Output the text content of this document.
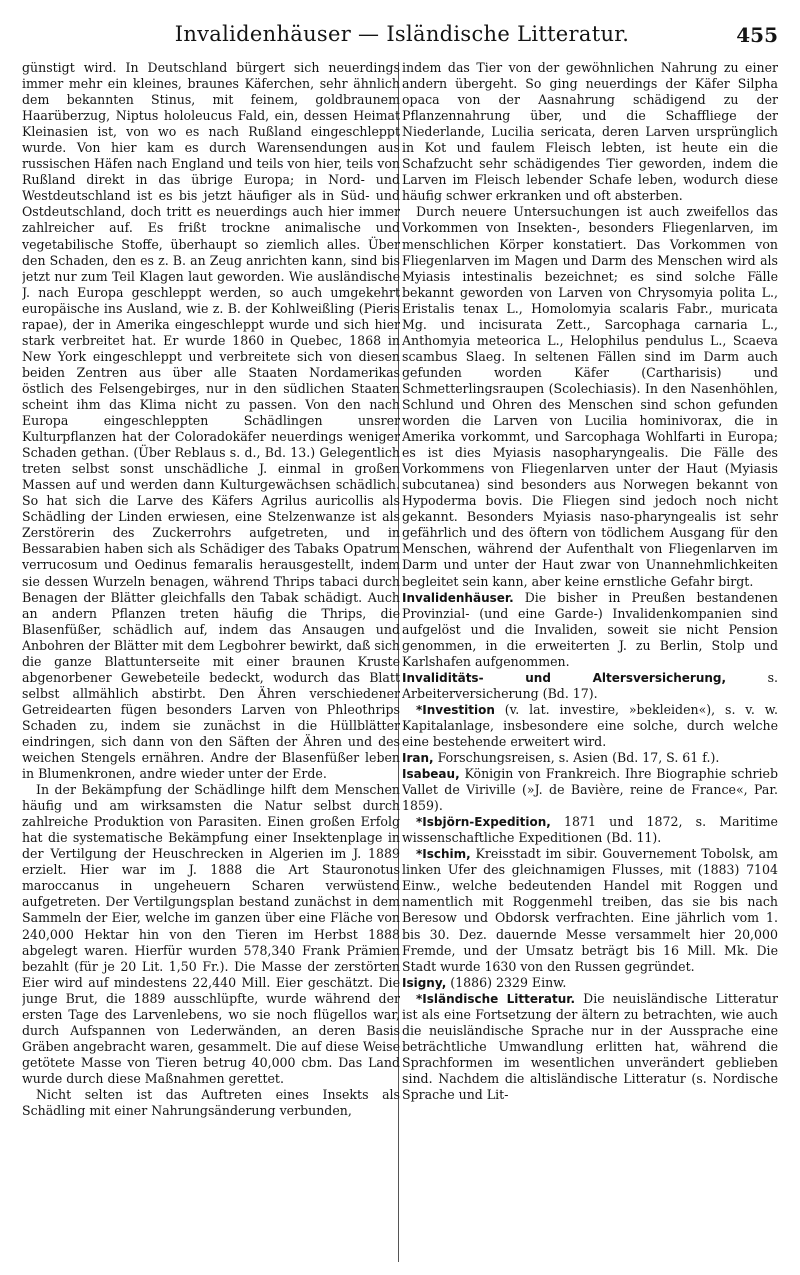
Invalidenhäuser — Isländische Litteratur.	455

günstigt wird. In Deutschland bürgert sich neuerdings immer mehr ein kleines, braunes Käferchen, sehr ähnlich dem bekannten Stinus, mit feinem, goldbraunem Haarüberzug, Niptus hololeucus Fald, ein, dessen Heimat Kleinasien ist, von wo es nach Rußland eingeschleppt wurde. Von hier kam es durch Warensendungen aus russischen Häfen nach England und teils von hier, teils von Rußland direkt in das übrige Europa; in Nord- und Westdeutschland ist es bis jetzt häufiger als in Süd- und Ostdeutschland, doch tritt es neuerdings auch hier immer zahlreicher auf. Es frißt trockne animalische und vegetabilische Stoffe, überhaupt so ziemlich alles. Über den Schaden, den es z. B. an Zeug anrichten kann, sind bis jetzt nur zum Teil Klagen laut geworden. Wie ausländische J. nach Europa geschleppt werden, so auch umgekehrt europäische ins Ausland, wie z. B. der Kohlweißling (Pieris rapae), der in Amerika eingeschleppt wurde und sich hier stark verbreitet hat. Er wurde 1860 in Quebec, 1868 in New York eingeschleppt und verbreitete sich von diesen beiden Zentren aus über alle Staaten Nordamerikas östlich des Felsengebirges, nur in den südlichen Staaten scheint ihm das Klima nicht zu passen. Von den nach Europa eingeschleppten Schädlingen unsrer Kulturpflanzen hat der Coloradokäfer neuerdings weniger Schaden gethan. (Über Reblaus s. d., Bd. 13.) Gelegentlich treten selbst sonst unschädliche J. einmal in großen Massen auf und werden dann Kulturgewächsen schädlich. So hat sich die Larve des Käfers Agrilus auricollis als Schädling der Linden erwiesen, eine Stelzenwanze ist als Zerstörerin des Zuckerrohrs aufgetreten, und in Bessarabien haben sich als Schädiger des Tabaks Opatrum verrucosum und Oedinus femaralis herausgestellt, indem sie dessen Wurzeln benagen, während Thrips tabaci durch Benagen der Blätter gleichfalls den Tabak schädigt. Auch an andern Pflanzen treten häufig die Thrips, die Blasenfüßer, schädlich auf, indem das Ansaugen und Anbohren der Blätter mit dem Legbohrer bewirkt, daß sich die ganze Blattunterseite mit einer braunen Kruste abgenorbener Gewebeteile bedeckt, wodurch das Blatt selbst allmählich abstirbt. Den Ähren verschiedener Getreidearten fügen besonders Larven von Phleothrips Schaden zu, indem sie zunächst in die Hüllblätter eindringen, sich dann von den Säften der Ähren und des weichen Stengels ernähren. Andre der Blasenfüßer leben in Blumenkronen, andre wieder unter der Erde.

In der Bekämpfung der Schädlinge hilft dem Menschen häufig und am wirksamsten die Natur selbst durch zahlreiche Produktion von Parasiten. Einen großen Erfolg hat die systematische Bekämpfung einer Insektenplage in der Vertilgung der Heuschrecken in Algerien im J. 1889 erzielt. Hier war im J. 1888 die Art Stauronotus maroccanus in ungeheuern Scharen verwüstend aufgetreten. Der Vertilgungsplan bestand zunächst in dem Sammeln der Eier, welche im ganzen über eine Fläche von 240,000 Hektar hin von den Tieren im Herbst 1888 abgelegt waren. Hierfür wurden 578,340 Frank Prämien bezahlt (für je 20 Lit. 1,50 Fr.). Die Masse der zerstörten Eier wird auf mindestens 22,440 Mill. Eier geschätzt. Die junge Brut, die 1889 ausschlüpfte, wurde während der ersten Tage des Larvenlebens, wo sie noch flügellos war, durch Aufspannen von Lederwänden, an deren Basis Gräben angebracht waren, gesammelt. Die auf diese Weise getötete Masse von Tieren betrug 40,000 cbm. Das Land wurde durch diese Maßnahmen gerettet.

Nicht selten ist das Auftreten eines Insekts als Schädling mit einer Nahrungsänderung verbunden,

indem das Tier von der gewöhnlichen Nahrung zu einer andern übergeht. So ging neuerdings der Käfer Silpha opaca von der Aasnahrung schädigend zu der Pflanzennahrung über, und die Schaffliege der Niederlande, Lucilia sericata, deren Larven ursprünglich in Kot und faulem Fleisch lebten, ist heute ein die Schafzucht sehr schädigendes Tier geworden, indem die Larven im Fleisch lebender Schafe leben, wodurch diese häufig schwer erkranken und oft absterben.

Durch neuere Untersuchungen ist auch zweifellos das Vorkommen von Insekten-, besonders Fliegenlarven, im menschlichen Körper konstatiert. Das Vorkommen von Fliegenlarven im Magen und Darm des Menschen wird als Myiasis intestinalis bezeichnet; es sind solche Fälle bekannt geworden von Larven von Chrysomyia polita L., Eristalis tenax L., Homolomyia scalaris Fabr., muricata Mg. und incisurata Zett., Sarcophaga carnaria L., Anthomyia meteorica L., Helophilus pendulus L., Scaeva scambus Slaeg. In seltenen Fällen sind im Darm auch gefunden worden Käfer (Cartharisis) und Schmetterlingsraupen (Scolechiasis). In den Nasenhöhlen, Schlund und Ohren des Menschen sind schon gefunden worden die Larven von Lucilia hominivorax, die in Amerika vorkommt, und Sarcophaga Wohlfarti in Europa; es ist dies Myiasis nasopharyngealis. Die Fälle des Vorkommens von Fliegenlarven unter der Haut (Myiasis subcutanea) sind besonders aus Norwegen bekannt von Hypoderma bovis. Die Fliegen sind jedoch noch nicht gekannt. Besonders Myiasis naso-pharyngealis ist sehr gefährlich und des öftern von tödlichem Ausgang für den Menschen, während der Aufenthalt von Fliegenlarven im Darm und unter der Haut zwar von Unannehmlichkeiten begleitet sein kann, aber keine ernstliche Gefahr birgt.

Invalidenhäuser. Die bisher in Preußen bestandenen Provinzial- (und eine Garde-) Invalidenkompanien sind aufgelöst und die Invaliden, soweit sie nicht Pension genommen, in die erweiterten J. zu Berlin, Stolp und Karlshafen aufgenommen.

Invaliditäts- und Altersversicherung, s. Arbeiterversicherung (Bd. 17).

*Investition (v. lat. investire, »bekleiden«), s. v. w. Kapitalanlage, insbesondere eine solche, durch welche eine bestehende erweitert wird.

Iran, Forschungsreisen, s. Asien (Bd. 17, S. 61 f.).

Isabeau, Königin von Frankreich. Ihre Biographie schrieb Vallet de Viriville (»J. de Bavière, reine de France«, Par. 1859).

*Isbjörn-Expedition, 1871 und 1872, s. Maritime wissenschaftliche Expeditionen (Bd. 11).

*Ischim, Kreisstadt im sibir. Gouvernement Tobolsk, am linken Ufer des gleichnamigen Flusses, mit (1883) 7104 Einw., welche bedeutenden Handel mit Roggen und namentlich mit Roggenmehl treiben, das sie bis nach Beresow und Obdorsk verfrachten. Eine jährlich vom 1. bis 30. Dez. dauernde Messe versammelt hier 20,000 Fremde, und der Umsatz beträgt bis 16 Mill. Mk. Die Stadt wurde 1630 von den Russen gegründet.

Isigny, (1886) 2329 Einw.

*Isländische Litteratur. Die neuisländische Litteratur ist als eine Fortsetzung der ältern zu betrachten, wie auch die neuisländische Sprache nur in der Aussprache eine beträchtliche Umwandlung erlitten hat, während die Sprachformen im wesentlichen unverändert geblieben sind. Nachdem die altisländische Litteratur (s. Nordische Sprache und Lit-
